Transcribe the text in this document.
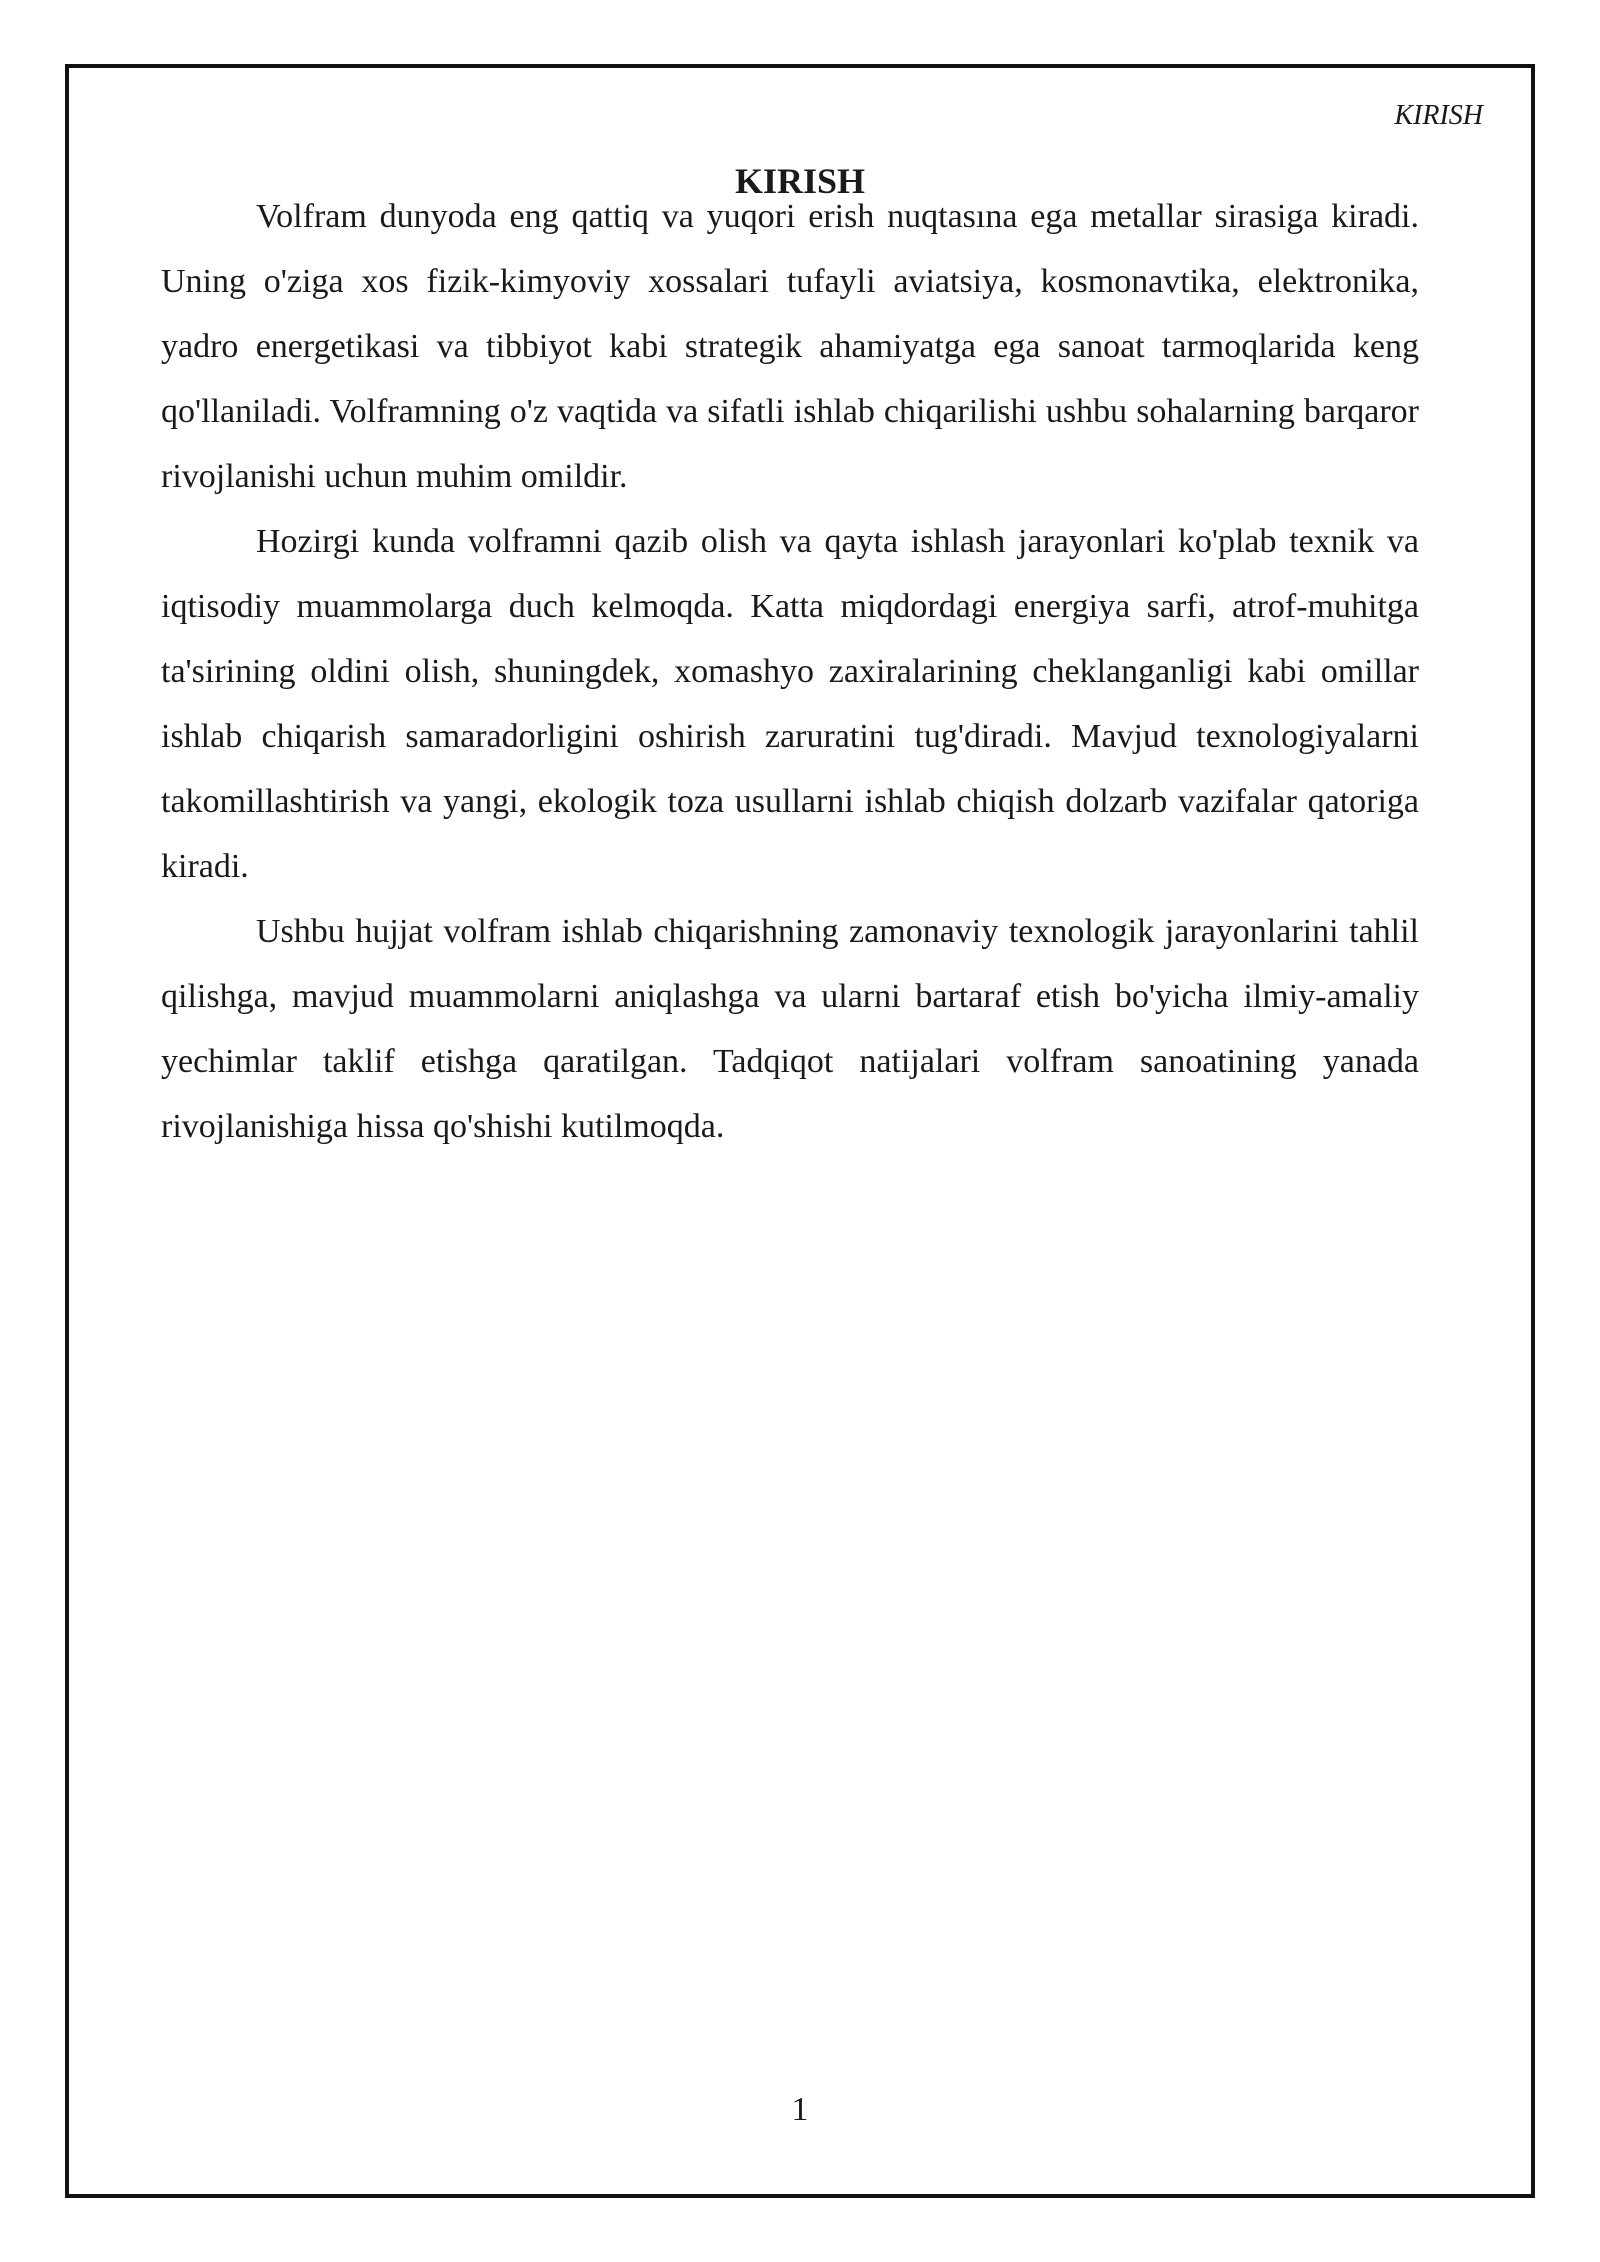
KIRISH
KIRISH
1

Volfram dunyoda eng qattiq va yuqori erish nuqtasına ega metallar sirasiga kiradi. Uning o'ziga xos fizik-kimyoviy xossalari tufayli aviatsiya, kosmonavtika, elektronika, yadro energetikasi va tibbiyot kabi strategik ahamiyatga ega sanoat tarmoqlarida keng qo'llaniladi. Volframning o'z vaqtida va sifatli ishlab chiqarilishi ushbu sohalarning barqaror rivojlanishi uchun muhim omildir.

Hozirgi kunda volframni qazib olish va qayta ishlash jarayonlari ko'plab texnik va iqtisodiy muammolarga duch kelmoqda. Katta miqdordagi energiya sarfi, atrof-muhitga ta'sirining oldini olish, shuningdek, xomashyo zaxiralarining cheklanganligi kabi omillar ishlab chiqarish samaradorligini oshirish zaruratini tug'diradi. Mavjud texnologiyalarni takomillashtirish va yangi, ekologik toza usullarni ishlab chiqish dolzarb vazifalar qatoriga kiradi.

Ushbu hujjat volfram ishlab chiqarishning zamonaviy texnologik jarayonlarini tahlil qilishga, mavjud muammolarni aniqlashga va ularni bartaraf etish bo'yicha ilmiy-amaliy yechimlar taklif etishga qaratilgan. Tadqiqot natijalari volfram sanoatining yanada rivojlanishiga hissa qo'shishi kutilmoqda.
